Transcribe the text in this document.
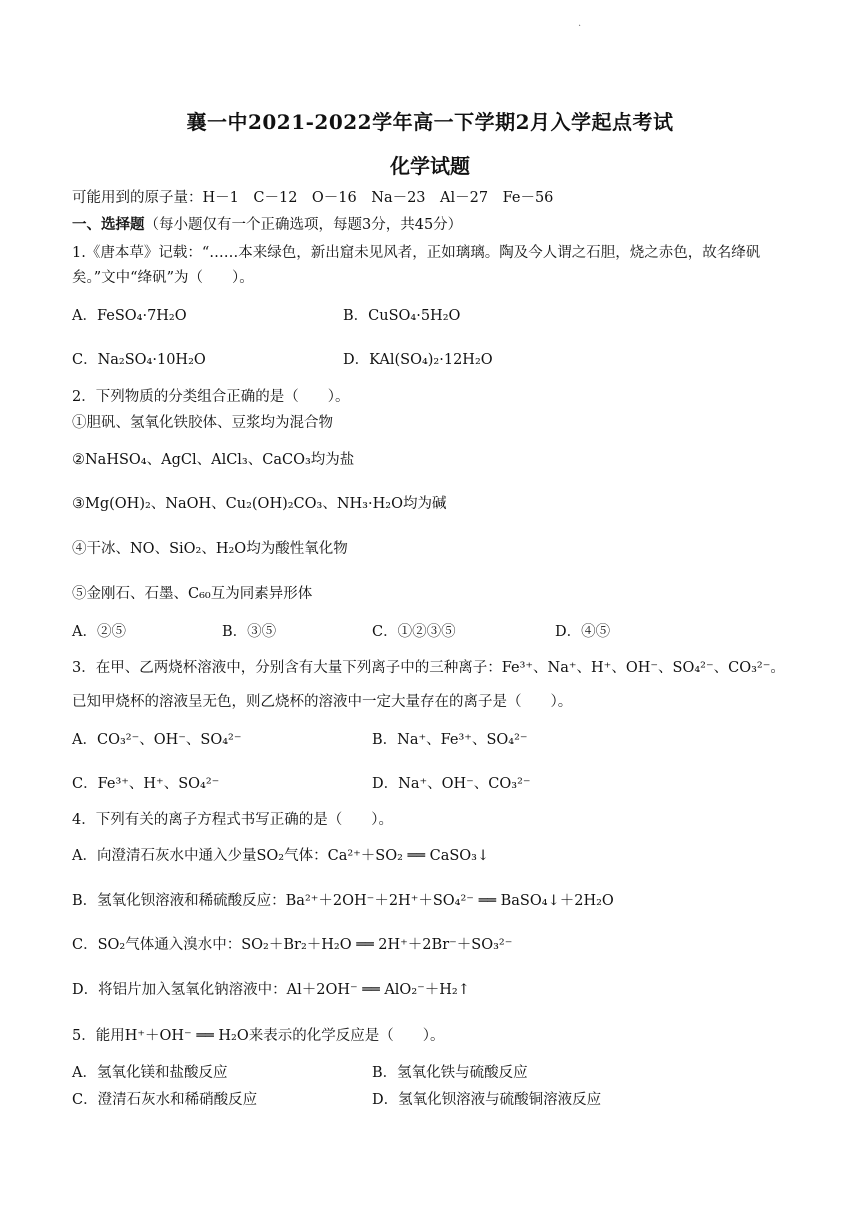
.
襄一中2021-2022学年高一下学期2月入学起点考试
化学试题
可能用到的原子量：H－1　C－12　O－16　Na－23　Al－27　Fe－56
一、选择题（每小题仅有一个正确选项，每题3分，共45分）
1.《唐本草》记载：“……本来绿色，新出窟未见风者，正如璃璃。陶及今人谓之石胆，烧之赤色，故名绛矾
矣。”文中“绛矾”为（　　）。
A．FeSO₄·7H₂O	B．CuSO₄·5H₂O
C．Na₂SO₄·10H₂O	D．KAl(SO₄)₂·12H₂O
2．下列物质的分类组合正确的是（　　）。
①胆矾、氢氧化铁胶体、豆浆均为混合物
②NaHSO₄、AgCl、AlCl₃、CaCO₃均为盐
③Mg(OH)₂、NaOH、Cu₂(OH)₂CO₃、NH₃·H₂O均为碱
④干冰、NO、SiO₂、H₂O均为酸性氧化物
⑤金刚石、石墨、C₆₀互为同素异形体
A．②⑤	B．③⑤	C．①②③⑤	D．④⑤
3．在甲、乙两烧杯溶液中，分别含有大量下列离子中的三种离子：Fe³⁺、Na⁺、H⁺、OH⁻、SO₄²⁻、CO₃²⁻。
已知甲烧杯的溶液呈无色，则乙烧杯的溶液中一定大量存在的离子是（　　）。
A．CO₃²⁻、OH⁻、SO₄²⁻	B．Na⁺、Fe³⁺、SO₄²⁻
C．Fe³⁺、H⁺、SO₄²⁻	D．Na⁺、OH⁻、CO₃²⁻
4．下列有关的离子方程式书写正确的是（　　）。
A．向澄清石灰水中通入少量SO₂气体：Ca²⁺＋SO₂ ══ CaSO₃↓
B．氢氧化钡溶液和稀硫酸反应：Ba²⁺＋2OH⁻＋2H⁺＋SO₄²⁻ ══ BaSO₄↓＋2H₂O
C．SO₂气体通入溴水中：SO₂＋Br₂＋H₂O ══ 2H⁺＋2Br⁻＋SO₃²⁻
D．将铝片加入氢氧化钠溶液中：Al＋2OH⁻ ══ AlO₂⁻＋H₂↑
5．能用H⁺＋OH⁻ ══ H₂O来表示的化学反应是（　　）。
A．氢氧化镁和盐酸反应	B．氢氧化铁与硫酸反应
C．澄清石灰水和稀硝酸反应	D．氢氧化钡溶液与硫酸铜溶液反应
